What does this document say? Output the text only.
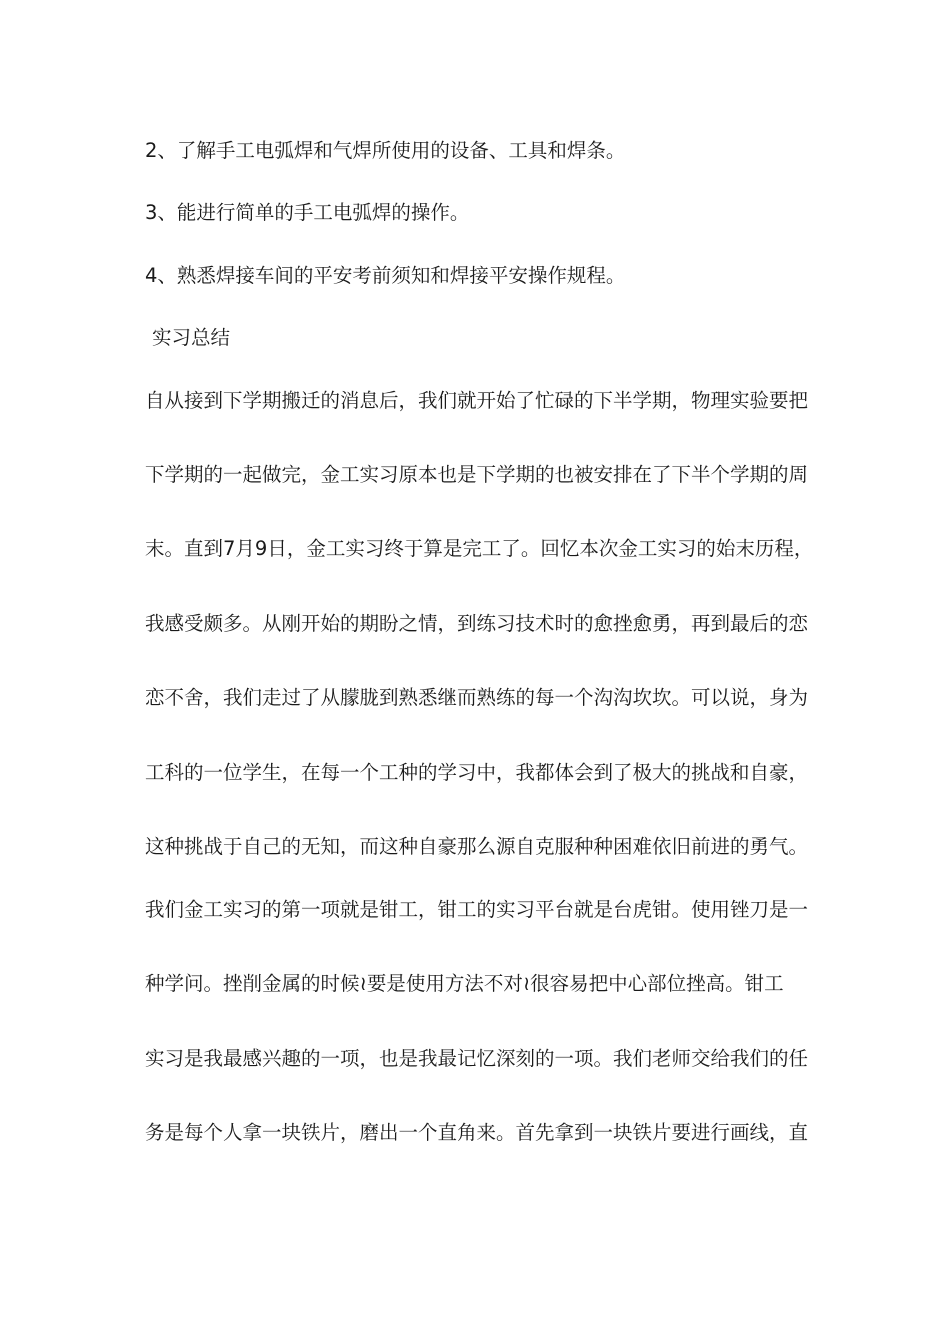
2、了解手工电弧焊和气焊所使用的设备、工具和焊条。
3、能进行简单的手工电弧焊的操作。
4、熟悉焊接车间的平安考前须知和焊接平安操作规程。
实习总结
自从接到下学期搬迁的消息后，我们就开始了忙碌的下半学期，物理实验要把
下学期的一起做完，金工实习原本也是下学期的也被安排在了下半个学期的周
末。直到7月9日，金工实习终于算是完工了。回忆本次金工实习的始末历程，
我感受颇多。从刚开始的期盼之情，到练习技术时的愈挫愈勇，再到最后的恋
恋不舍，我们走过了从朦胧到熟悉继而熟练的每一个沟沟坎坎。可以说，身为
工科的一位学生，在每一个工种的学习中，我都体会到了极大的挑战和自豪，
这种挑战于自己的无知，而这种自豪那么源自克服种种困难依旧前进的勇气。
我们金工实习的第一项就是钳工，钳工的实习平台就是台虎钳。使用锉刀是一
种学问。挫削金属的时候≀要是使用方法不对≀很容易把中心部位挫高。钳工
实习是我最感兴趣的一项，也是我最记忆深刻的一项。我们老师交给我们的任
务是每个人拿一块铁片，磨出一个直角来。首先拿到一块铁片要进行画线，直
